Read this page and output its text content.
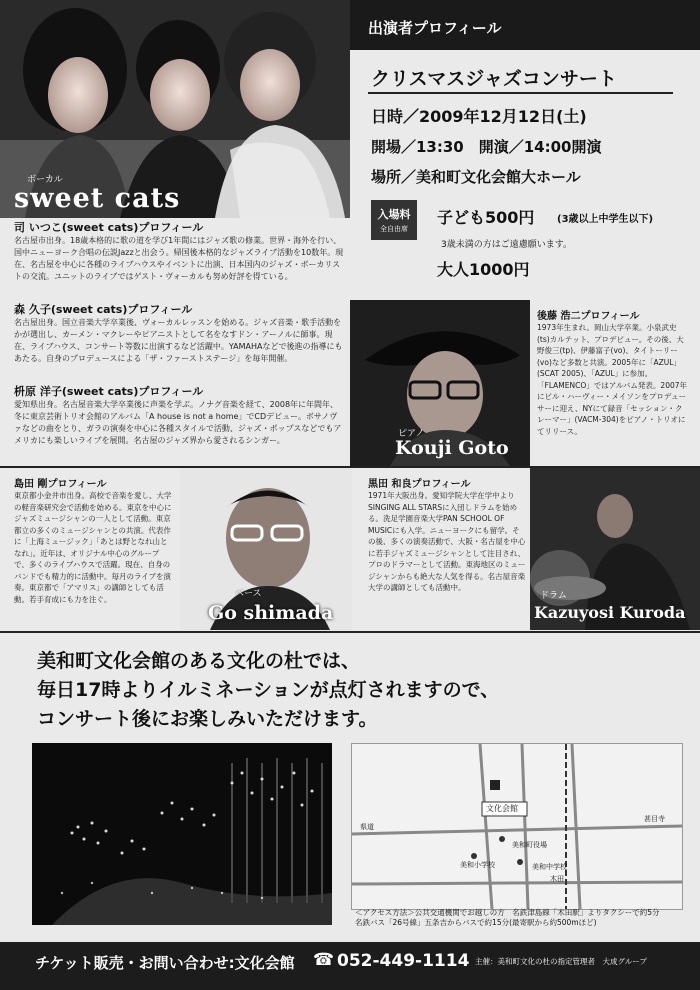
ボーカル
sweet cats
出演者プロフィール
クリスマスジャズコンサート
日時／2009年12月12日(土)
開場／13:30　開演／14:00開演
場所／美和町文化会館大ホール
入場料
全自由席
子ども500円 (3歳以上中学生以下)
3歳未満の方はご遠慮願います。
大人1000円
司 いつこ(sweet cats)プロフィール
名古屋市出身。18歳本格的に歌の道を学び1年間にはジャズ歌の修業。世界・海外を行い、国中ニューヨーク合唱の伝説Jazzと出会う。帰国後本格的なジャズライブ活動を10数年。現在、名古屋を中心に各種のライブハウスやイベントに出演、日本国内のジャズ・ボーカリストの交流。ユニットのライブではゲスト・ヴォーカルも努め好評を得ている。
森 久子(sweet cats)プロフィール
名古屋出身。国立音楽大学卒業後、ヴォーカルレッスンを始める。ジャズ音楽・歌手活動をかが選出し、カーメン・マクレーやピアニストとして名をなすドン・アーノルに師事。現在、ライブハウス、コンサート等数に出演するなど活躍中。YAMAHAなどで後進の指導にもあたる。自身のプロデュースによる「ザ・ファーストステージ」を毎年開催。
枡原 洋子(sweet cats)プロフィール
愛知県出身。名古屋音楽大学卒業後に声楽を学ぶ。ノナグ音楽を経て、2008年に年間年、冬に東京芸術トリオ会館のアルバム「A house is not a home」でCDデビュー。ボサノヴァなどの曲をとり、ガラの演奏を中心に各種スタイルで活動、ジャズ・ポップスなどでもアメリカにも楽しいライブを展開。名古屋のジャズ界から愛されるシンガー。
ピアノ
Kouji Goto
後藤 浩二プロフィール
1973年生まれ。岡山大学卒業。小泉武史(ts)カルテット、プロデビュー。その後、大野俊三(tp)、伊藤富子(vo)、タイトーリー(vo)など多数と共演。2005年に「AZUL」(SCAT 2005)、「AZUL」に参加。「FLAMENCO」ではアルバム発表。2007年にビル・ハーヴィー・メイソンをプロデューサーに迎え、NYにて録音「セッション・クレーマー」(VACM-304)をピアノ・トリオにてリリース。
島田 剛プロフィール
東京都小金井市出身。高校で音楽を愛し、大学の軽音楽研究会で活動を始める。東京を中心にジャズミュージシャンの一人として活動。東京都立の多くのミュージシャンとの共演。代表作に「上海ミュージック」「あとは野となれ山となれ」。近年は、オリジナル中心のグループで、多くのライブハウスで活躍。現在、自身のバンドでも精力的に活動中。毎月のライブを演奏。東京都で「アマリス」の講師としても活動。若手育成にも力を注ぐ。	ベース
Go shimada
黒田 和良プロフィール
1971年大阪出身。愛知学院大学在学中よりSINGING ALL STARSに入団しドラムを始める。洗足学園音楽大学PAN SCHOOL OF MUSICにも入学。ニューヨークにも留学。その後、多くの演奏活動で、大阪・名古屋を中心に若手ジャズミュージシャンとして注目され、プロのドラマーとして活動。東海地区のミュージシャンからも絶大な人気を得る。名古屋音楽大学の講師としても活動中。
ドラム
Kazuyosi Kuroda
美和町文化会館のある文化の杜では、
毎日17時よりイルミネーションが点灯されますので、
コンサート後にお楽しみいただけます。
文化会館
県道
甚目寺
木田
美和町役場
美和小学校	美和中学校
＜アクセス方法＞公共交通機関でお越しの方　名鉄津島線「木田駅」よりタクシーで約5分
名鉄バス「26号線」五条吉からバスで約15分(最寄駅から約500mほど)
チケット販売・お問い合わせ:文化会館 ☎ 052-449-1114 主催：美和町文化の杜の指定管理者　大成グループ
